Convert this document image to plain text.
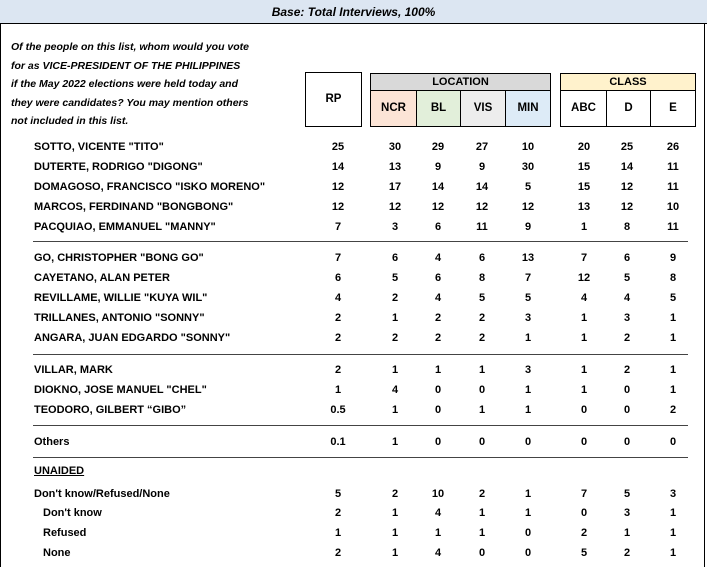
Base: Total Interviews, 100%
Of the people on this list, whom would you vote
for as VICE-PRESIDENT OF THE PHILIPPINES
if the May 2022 elections were held today and
they were candidates? You may mention others
not included in this list.
RP
LOCATION
NCR	BL	VIS	MIN
CLASS
ABC	D	E
UNAIDED
SOTTO, VICENTE "TITO"	25	30	29	27	10	20	25	26
DUTERTE, RODRIGO "DIGONG"	14	13	9	9	30	15	14	11
DOMAGOSO, FRANCISCO "ISKO MORENO"	12	17	14	14	5	15	12	11
MARCOS, FERDINAND "BONGBONG"	12	12	12	12	12	13	12	10
PACQUIAO, EMMANUEL "MANNY"	7	3	6	11	9	1	8	11
GO, CHRISTOPHER "BONG GO"	7	6	4	6	13	7	6	9
CAYETANO, ALAN PETER	6	5	6	8	7	12	5	8
REVILLAME, WILLIE "KUYA WIL"	4	2	4	5	5	4	4	5
TRILLANES, ANTONIO "SONNY"	2	1	2	2	3	1	3	1
ANGARA, JUAN EDGARDO "SONNY"	2	2	2	2	1	1	2	1
VILLAR, MARK	2	1	1	1	3	1	2	1
DIOKNO, JOSE MANUEL "CHEL"	1	4	0	0	1	1	0	1
TEODORO, GILBERT “GIBO”	0.5	1	0	1	1	0	0	2
Others	0.1	1	0	0	0	0	0	0
Don't know/Refused/None	5	2	10	2	1	7	5	3
Don't know	2	1	4	1	1	0	3	1
Refused	1	1	1	1	0	2	1	1
None	2	1	4	0	0	5	2	1
